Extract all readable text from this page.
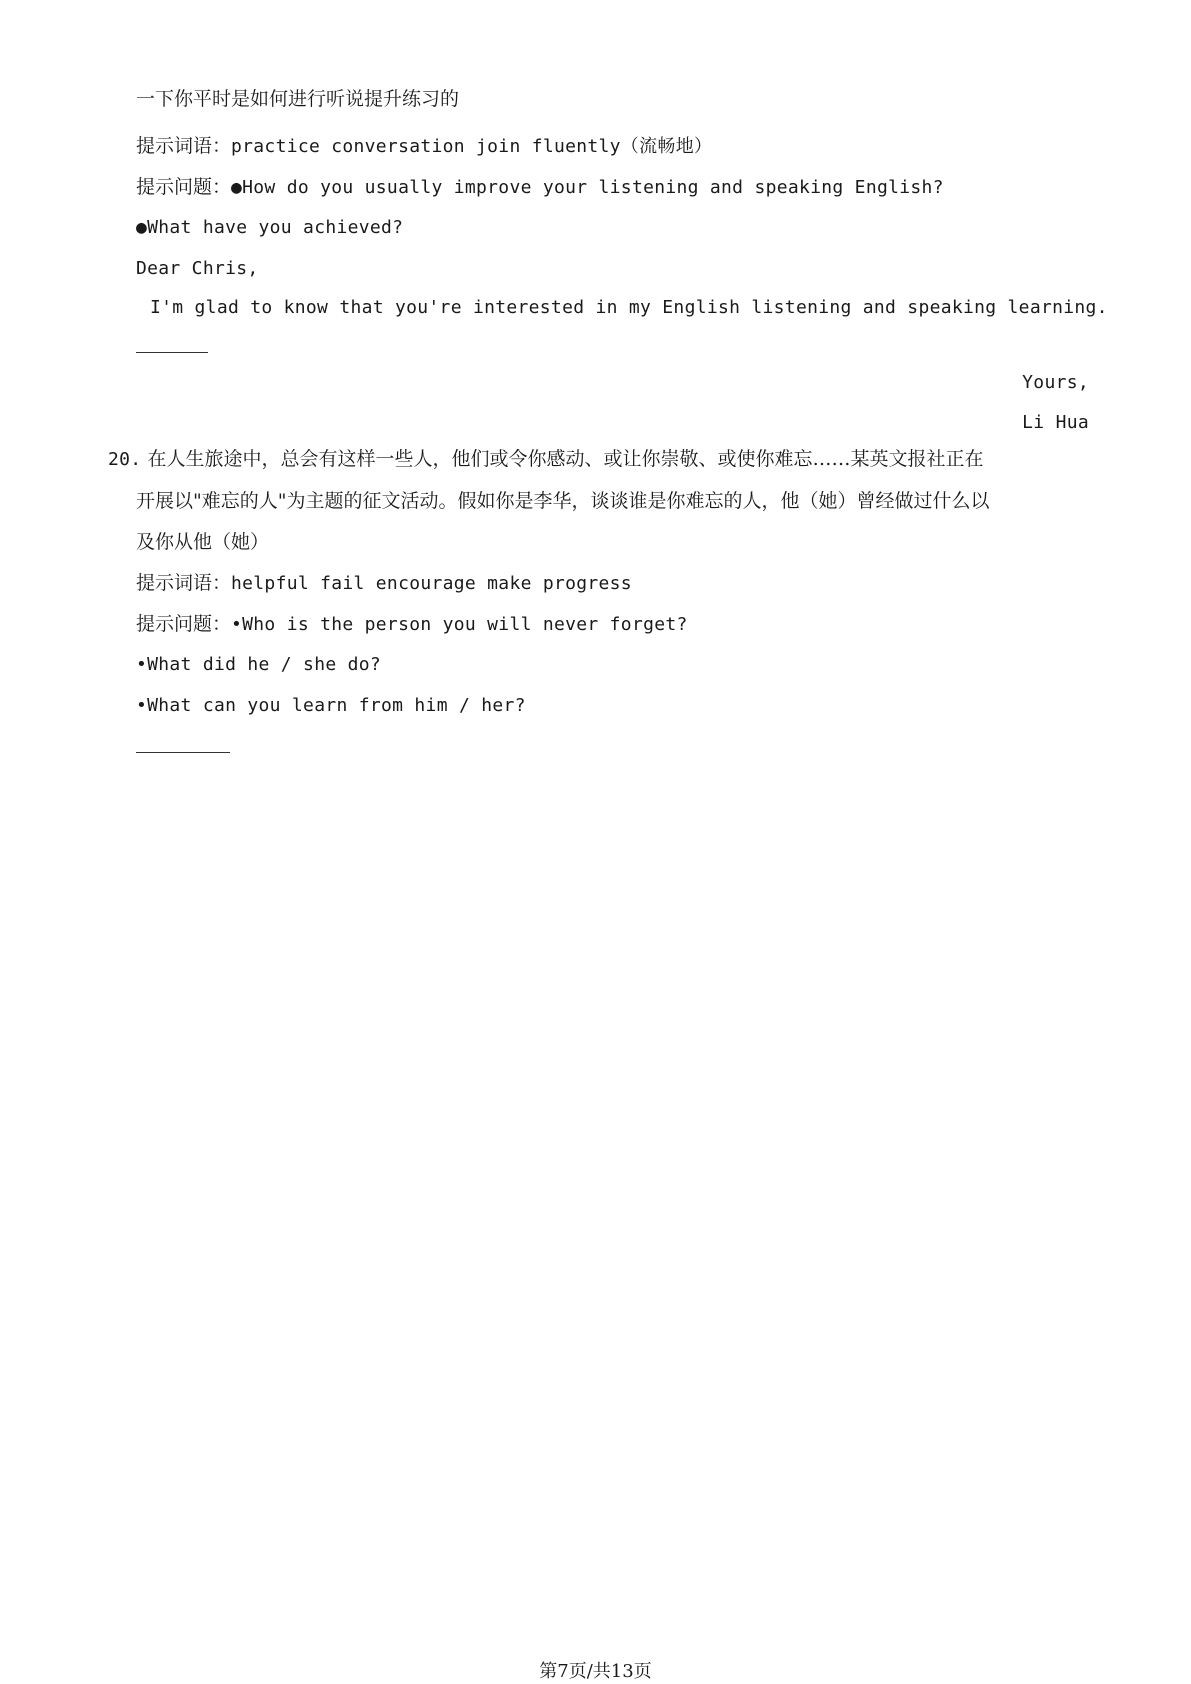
一下你平时是如何进行听说提升练习的
提示词语：practice conversation join fluently（流畅地）
提示问题：●How do you usually improve your listening and speaking English?
●What have you achieved?
Dear Chris,
I'm glad to know that you're interested in my English listening and speaking learning.
Yours,
Li Hua
20. 在人生旅途中，总会有这样一些人，他们或令你感动、或让你崇敬、或使你难忘……某英文报社正在
开展以"难忘的人"为主题的征文活动。假如你是李华，谈谈谁是你难忘的人，他（她）曾经做过什么以
及你从他（她）
提示词语：helpful fail encourage make progress
提示问题：•Who is the person you will never forget?
•What did he / she do?
•What can you learn from him / her?
第7页/共13页
